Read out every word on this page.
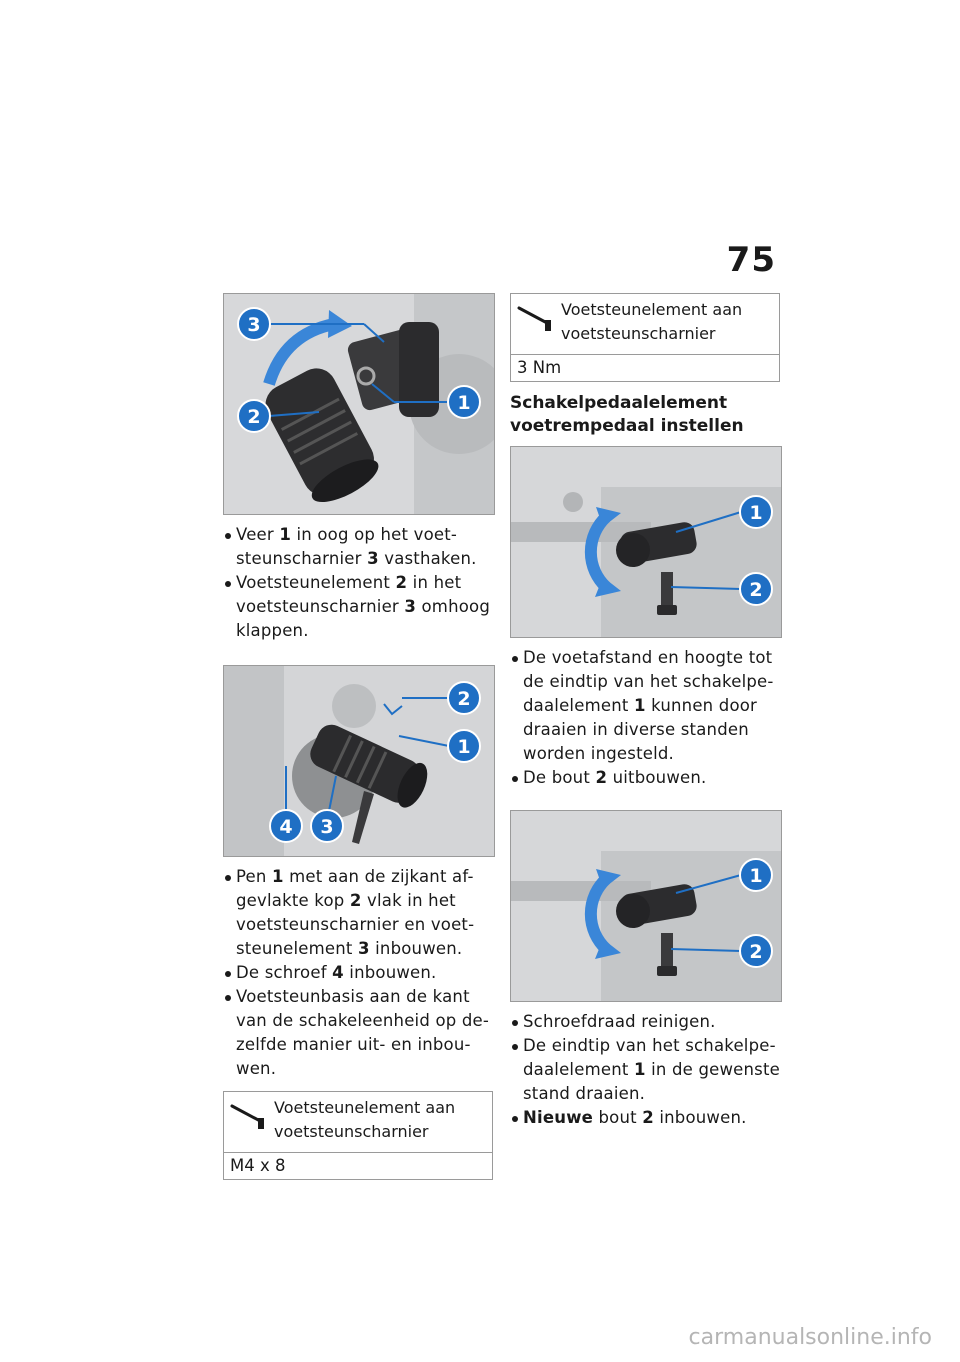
75
3
2
1
Veer 1 in oog op het voet-steunscharnier 3 vasthaken.
Voetsteunelement 2 in het voetsteunscharnier 3 omhoog klappen.
2
1
4 3
Pen 1 met aan de zijkant af-gevlakte kop 2 vlak in het voetsteunscharnier en voet-steunelement 3 inbouwen.
De schroef 4 inbouwen.
Voetsteunbasis aan de kant van de schakeleenheid op de-zelfde manier uit- en inbou-wen.
Voetsteunelement aan voetsteunscharnier
M4 x 8
Voetsteunelement aan voetsteunscharnier
3 Nm
Schakelpedaalelement voetrempedaal instellen
1
2
De voetafstand en hoogte tot de eindtip van het schakelpe-daalelement 1 kunnen door draaien in diverse standen worden ingesteld.
De bout 2 uitbouwen.
1
2
Schroefdraad reinigen.
De eindtip van het schakelpe-daalelement 1 in de gewenste stand draaien.
Nieuwe bout 2 inbouwen.
carmanualsonline.info
